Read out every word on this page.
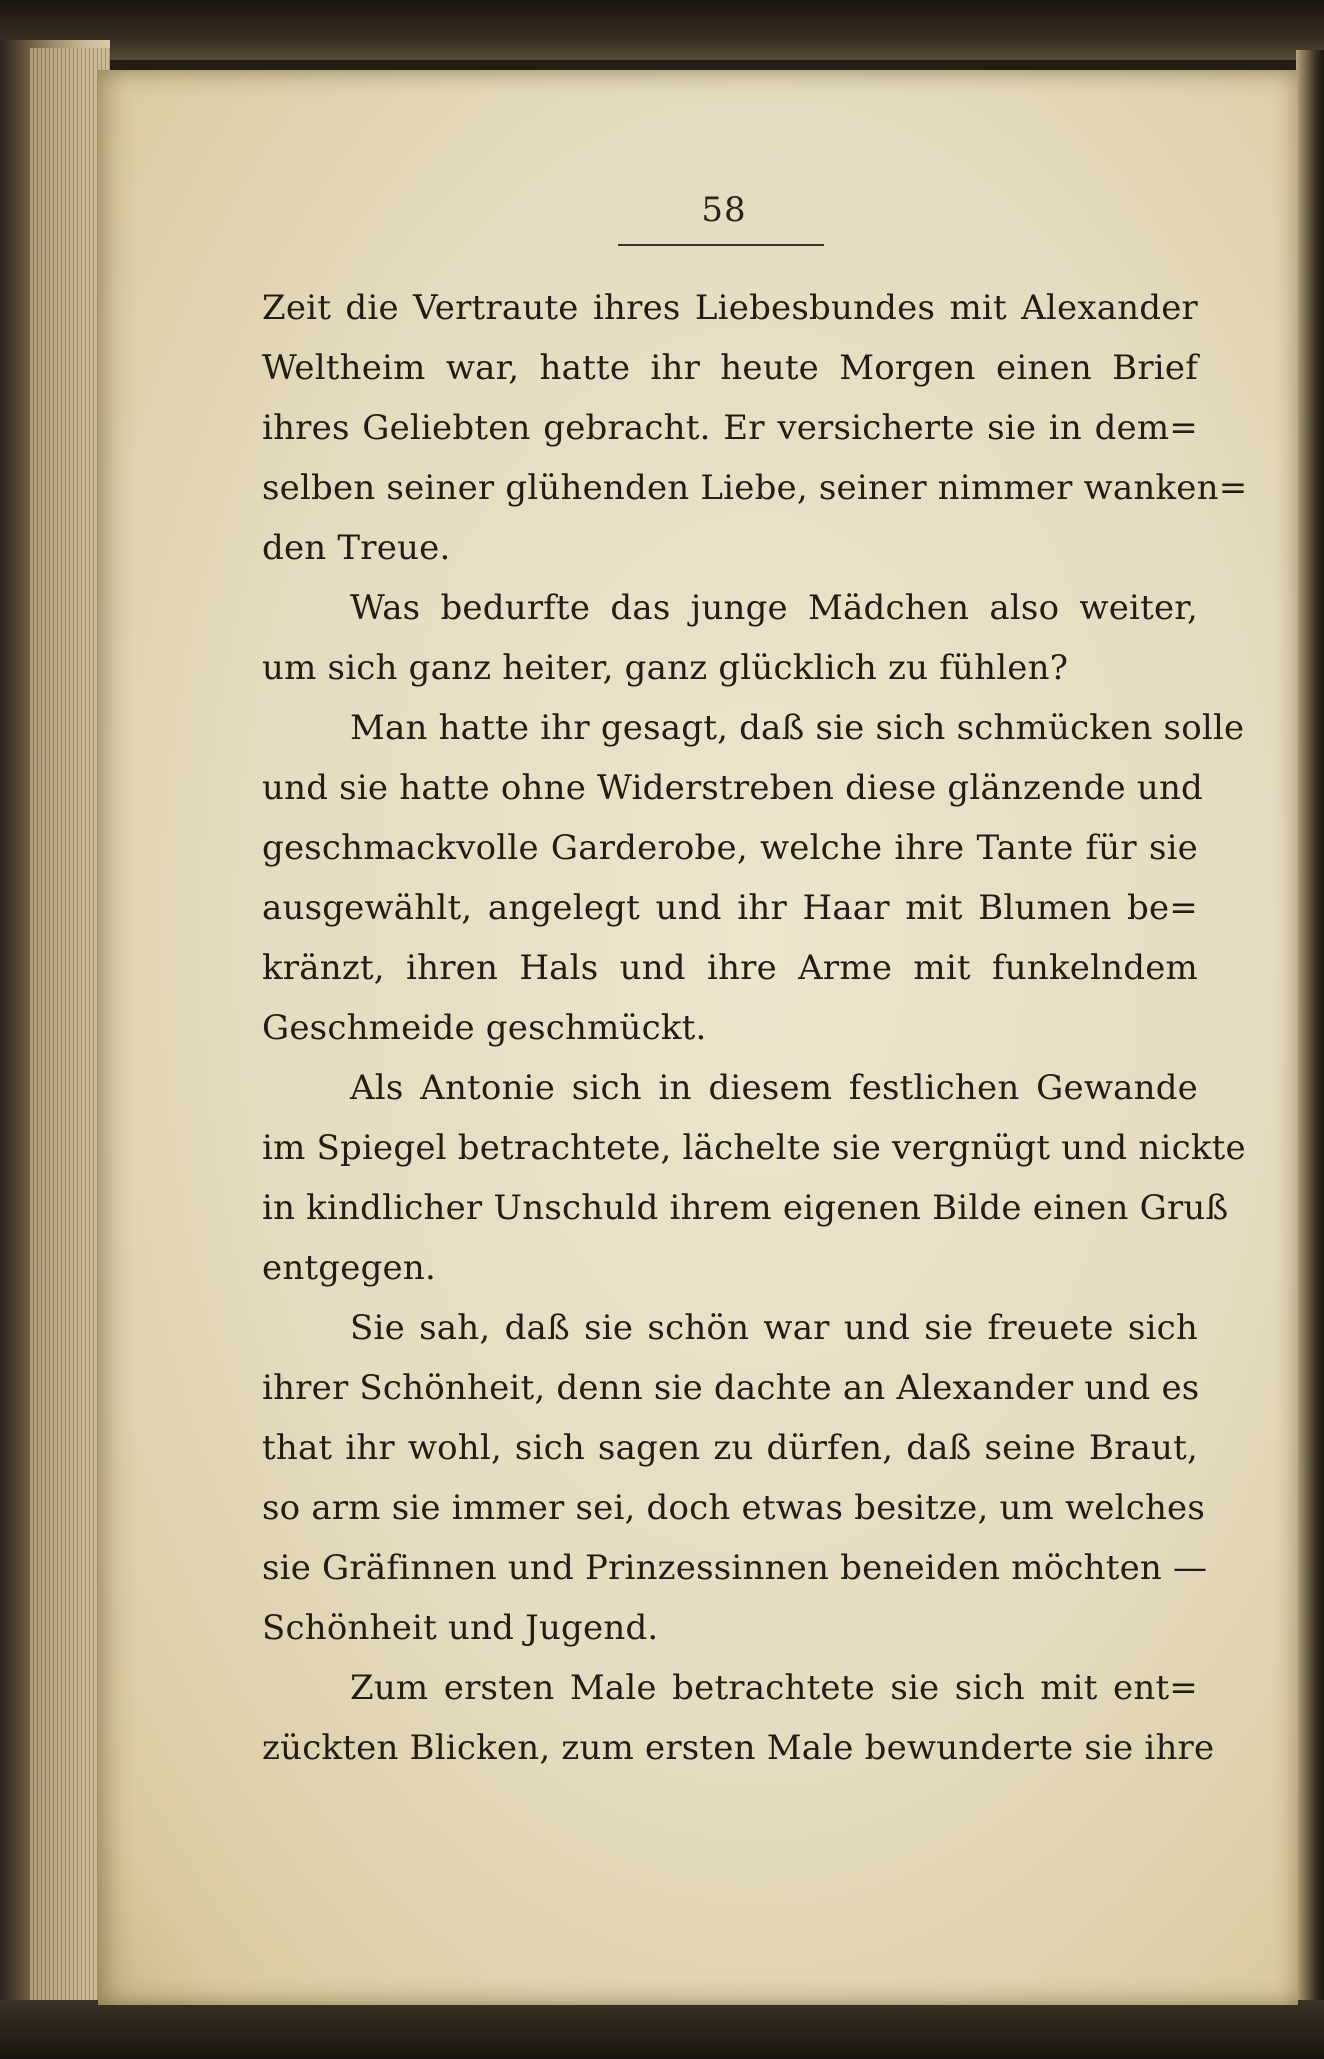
58
Zeit die Vertraute ihres Liebesbundes mit Alexander
Weltheim war, hatte ihr heute Morgen einen Brief
ihres Geliebten gebracht. Er versicherte sie in dem=
selben seiner glühenden Liebe, seiner nimmer wanken=
den Treue.
Was bedurfte das junge Mädchen also weiter,
um sich ganz heiter, ganz glücklich zu fühlen?
Man hatte ihr gesagt, daß sie sich schmücken solle
und sie hatte ohne Widerstreben diese glänzende und
geschmackvolle Garderobe, welche ihre Tante für sie
ausgewählt, angelegt und ihr Haar mit Blumen be=
kränzt, ihren Hals und ihre Arme mit funkelndem
Geschmeide geschmückt.
Als Antonie sich in diesem festlichen Gewande
im Spiegel betrachtete, lächelte sie vergnügt und nickte
in kindlicher Unschuld ihrem eigenen Bilde einen Gruß
entgegen.
Sie sah, daß sie schön war und sie freuete sich
ihrer Schönheit, denn sie dachte an Alexander und es
that ihr wohl, sich sagen zu dürfen, daß seine Braut,
so arm sie immer sei, doch etwas besitze, um welches
sie Gräfinnen und Prinzessinnen beneiden möchten —
Schönheit und Jugend.
Zum ersten Male betrachtete sie sich mit ent=
zückten Blicken, zum ersten Male bewunderte sie ihre
